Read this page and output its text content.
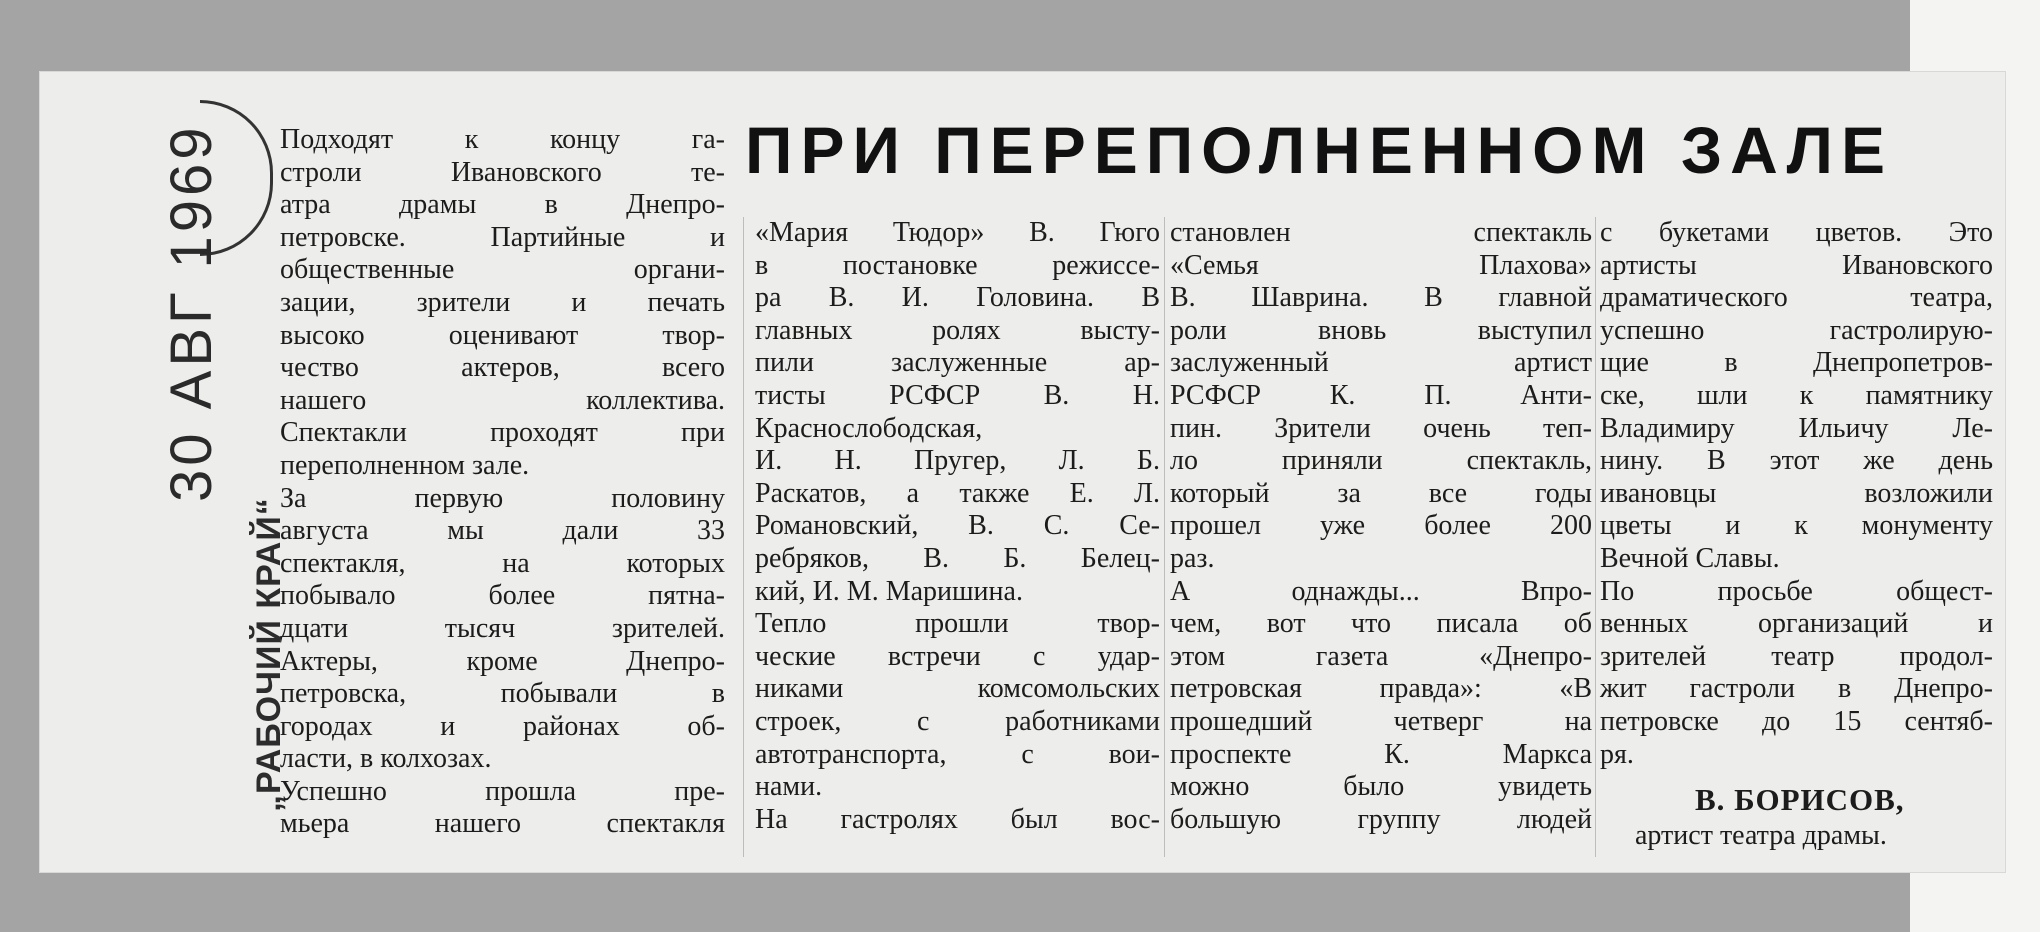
30 АВГ 1969
„РАБОЧИЙ КРАЙ“
ПРИ ПЕРЕПОЛНЕННОМ ЗАЛЕ
Подходят к концу га-
строли Ивановского те-
атра драмы в Днепро-
петровске. Партийные и
общественные органи-
зации, зрители и печать
высоко оценивают твор-
чество актеров, всего
нашего коллектива.
Спектакли проходят при
переполненном зале.
За первую половину
августа мы дали 33
спектакля, на которых
побывало более пятна-
дцати тысяч зрителей.
Актеры, кроме Днепро-
петровска, побывали в
городах и районах об-
ласти, в колхозах.
Успешно прошла пре-
мьера нашего спектакля
«Мария Тюдор» В. Гюго
в постановке режиссе-
ра В. И. Головина. В
главных ролях высту-
пили заслуженные ар-
тисты РСФСР В. Н.
Краснослободская,
И. Н. Пругер, Л. Б.
Раскатов, а также Е. Л.
Романовский, В. С. Се-
ребряков, В. Б. Белец-
кий, И. М. Маришина.
Тепло прошли твор-
ческие встречи с удар-
никами комсомольских
строек, с работниками
автотранспорта, с вои-
нами.
На гастролях был вос-
становлен спектакль
«Семья Плахова»
В. Шаврина. В главной
роли вновь выступил
заслуженный артист
РСФСР К. П. Анти-
пин. Зрители очень теп-
ло приняли спектакль,
который за все годы
прошел уже более 200
раз.
А однажды... Впро-
чем, вот что писала об
этом газета «Днепро-
петровская правда»: «В
прошедший четверг на
проспекте К. Маркса
можно было увидеть
большую группу людей
с букетами цветов. Это
артисты Ивановского
драматического театра,
успешно гастролирую-
щие в Днепропетров-
ске, шли к памятнику
Владимиру Ильичу Ле-
нину. В этот же день
ивановцы возложили
цветы и к монументу
Вечной Славы.
По просьбе общест-
венных организаций и
зрителей театр продол-
жит гастроли в Днепро-
петровске до 15 сентяб-
ря.
В. БОРИСОВ,
артист театра драмы.
